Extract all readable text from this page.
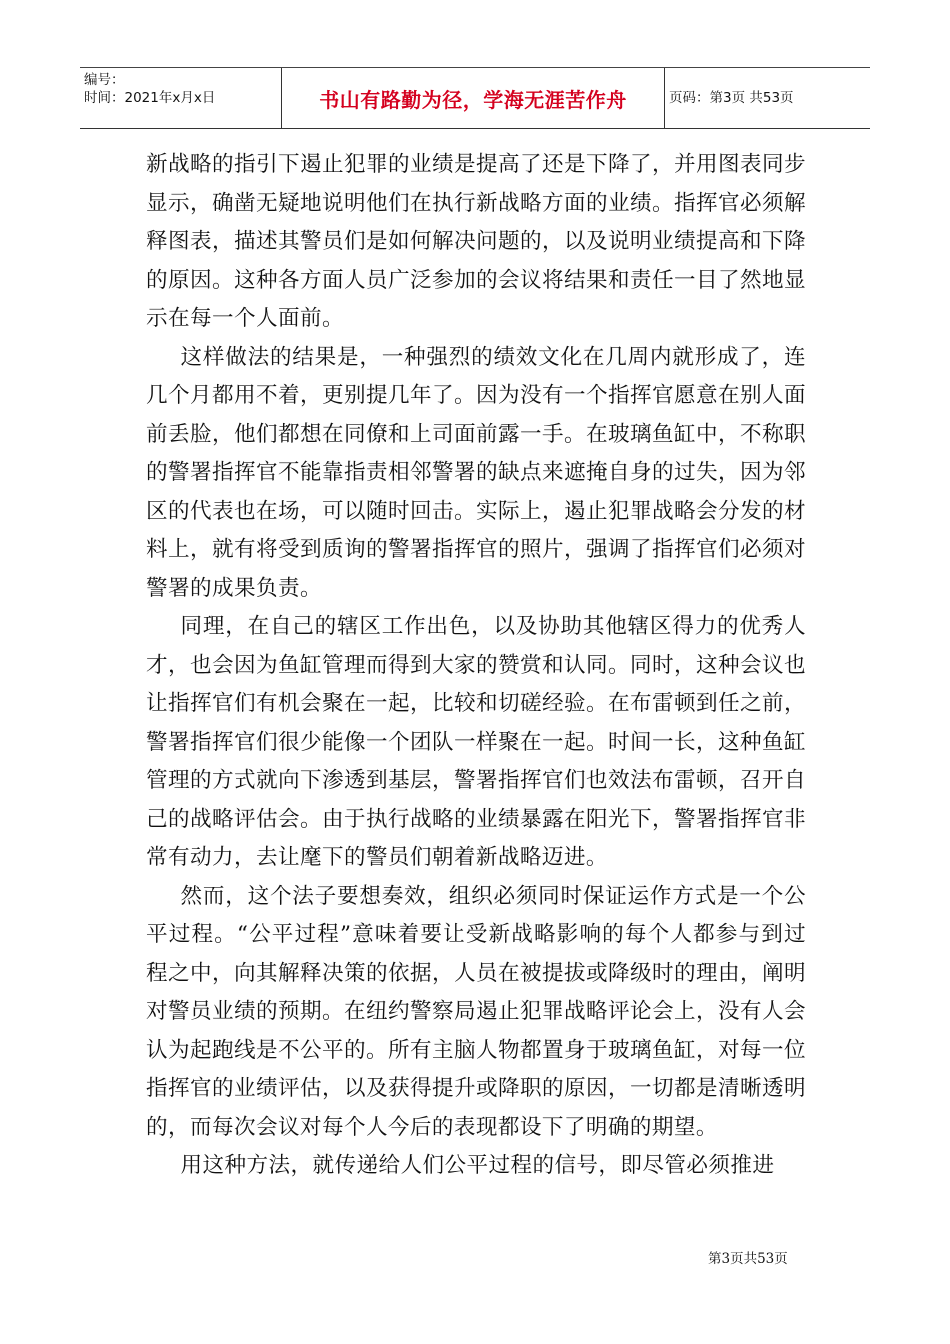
编号：
时间：2021年x月x日	书山有路勤为径，学海无涯苦作舟	页码：第3页 共53页

新战略的指引下遏止犯罪的业绩是提高了还是下降了，并用图表同步显示，确凿无疑地说明他们在执行新战略方面的业绩。指挥官必须解释图表，描述其警员们是如何解决问题的，以及说明业绩提高和下降的原因。这种各方面人员广泛参加的会议将结果和责任一目了然地显示在每一个人面前。

这样做法的结果是，一种强烈的绩效文化在几周内就形成了，连几个月都用不着，更别提几年了。因为没有一个指挥官愿意在别人面前丢脸，他们都想在同僚和上司面前露一手。在玻璃鱼缸中，不称职的警署指挥官不能靠指责相邻警署的缺点来遮掩自身的过失，因为邻区的代表也在场，可以随时回击。实际上，遏止犯罪战略会分发的材料上，就有将受到质询的警署指挥官的照片，强调了指挥官们必须对警署的成果负责。

同理，在自己的辖区工作出色，以及协助其他辖区得力的优秀人才，也会因为鱼缸管理而得到大家的赞赏和认同。同时，这种会议也让指挥官们有机会聚在一起，比较和切磋经验。在布雷顿到任之前，警署指挥官们很少能像一个团队一样聚在一起。时间一长，这种鱼缸管理的方式就向下渗透到基层，警署指挥官们也效法布雷顿，召开自己的战略评估会。由于执行战略的业绩暴露在阳光下，警署指挥官非常有动力，去让麾下的警员们朝着新战略迈进。

然而，这个法子要想奏效，组织必须同时保证运作方式是一个公平过程。“公平过程”意味着要让受新战略影响的每个人都参与到过程之中，向其解释决策的依据，人员在被提拔或降级时的理由，阐明对警员业绩的预期。在纽约警察局遏止犯罪战略评论会上，没有人会认为起跑线是不公平的。所有主脑人物都置身于玻璃鱼缸，对每一位指挥官的业绩评估，以及获得提升或降职的原因，一切都是清晰透明的，而每次会议对每个人今后的表现都设下了明确的期望。

用这种方法，就传递给人们公平过程的信号，即尽管必须推进

第3页共53页
